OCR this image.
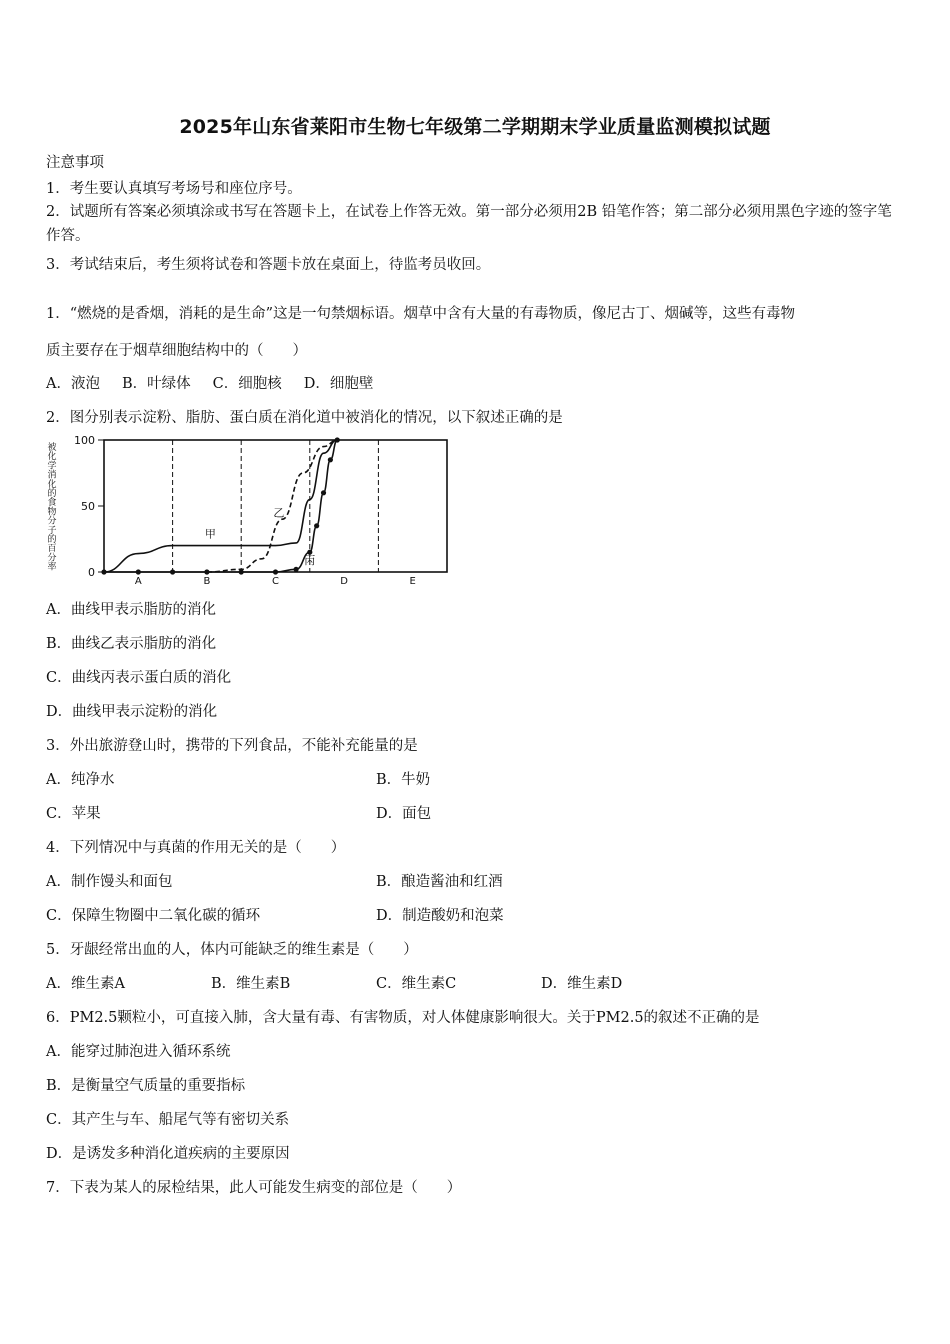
2025年山东省莱阳市生物七年级第二学期期末学业质量监测模拟试题
注意事项
1．考生要认真填写考场号和座位序号。
2．试题所有答案必须填涂或书写在答题卡上，在试卷上作答无效。第一部分必须用2B 铅笔作答；第二部分必须用黑色字迹的签字笔作答。
3．考试结束后，考生须将试卷和答题卡放在桌面上，待监考员收回。
1．“燃烧的是香烟，消耗的是生命”这是一句禁烟标语。烟草中含有大量的有毒物质，像尼古丁、烟碱等，这些有毒物
质主要存在于烟草细胞结构中的（　　）
A．液泡 B．叶绿体 C．细胞核 D．细胞壁
2．图分别表示淀粉、脂肪、蛋白质在消化道中被消化的情况，以下叙述正确的是
被
化
学
消
化
的
食
物
分
子
的
百
分
率	0
50
100
A	B	C	D	E
甲
乙
丙
A．曲线甲表示脂肪的消化
B．曲线乙表示脂肪的消化
C．曲线丙表示蛋白质的消化
D．曲线甲表示淀粉的消化
3．外出旅游登山时，携带的下列食品，不能补充能量的是
A．纯净水	B．牛奶
C．苹果	D．面包
4．下列情况中与真菌的作用无关的是（　　）
A．制作馒头和面包	B．酿造酱油和红酒
C．保障生物圈中二氧化碳的循环	D．制造酸奶和泡菜
5．牙龈经常出血的人，体内可能缺乏的维生素是（　　）
A．维生素A	B．维生素B	C．维生素C	D．维生素D
6．PM2.5颗粒小，可直接入肺，含大量有毒、有害物质，对人体健康影响很大。关于PM2.5的叙述不正确的是
A．能穿过肺泡进入循环系统
B．是衡量空气质量的重要指标
C．其产生与车、船尾气等有密切关系
D．是诱发多种消化道疾病的主要原因
7．下表为某人的尿检结果，此人可能发生病变的部位是（　　）
